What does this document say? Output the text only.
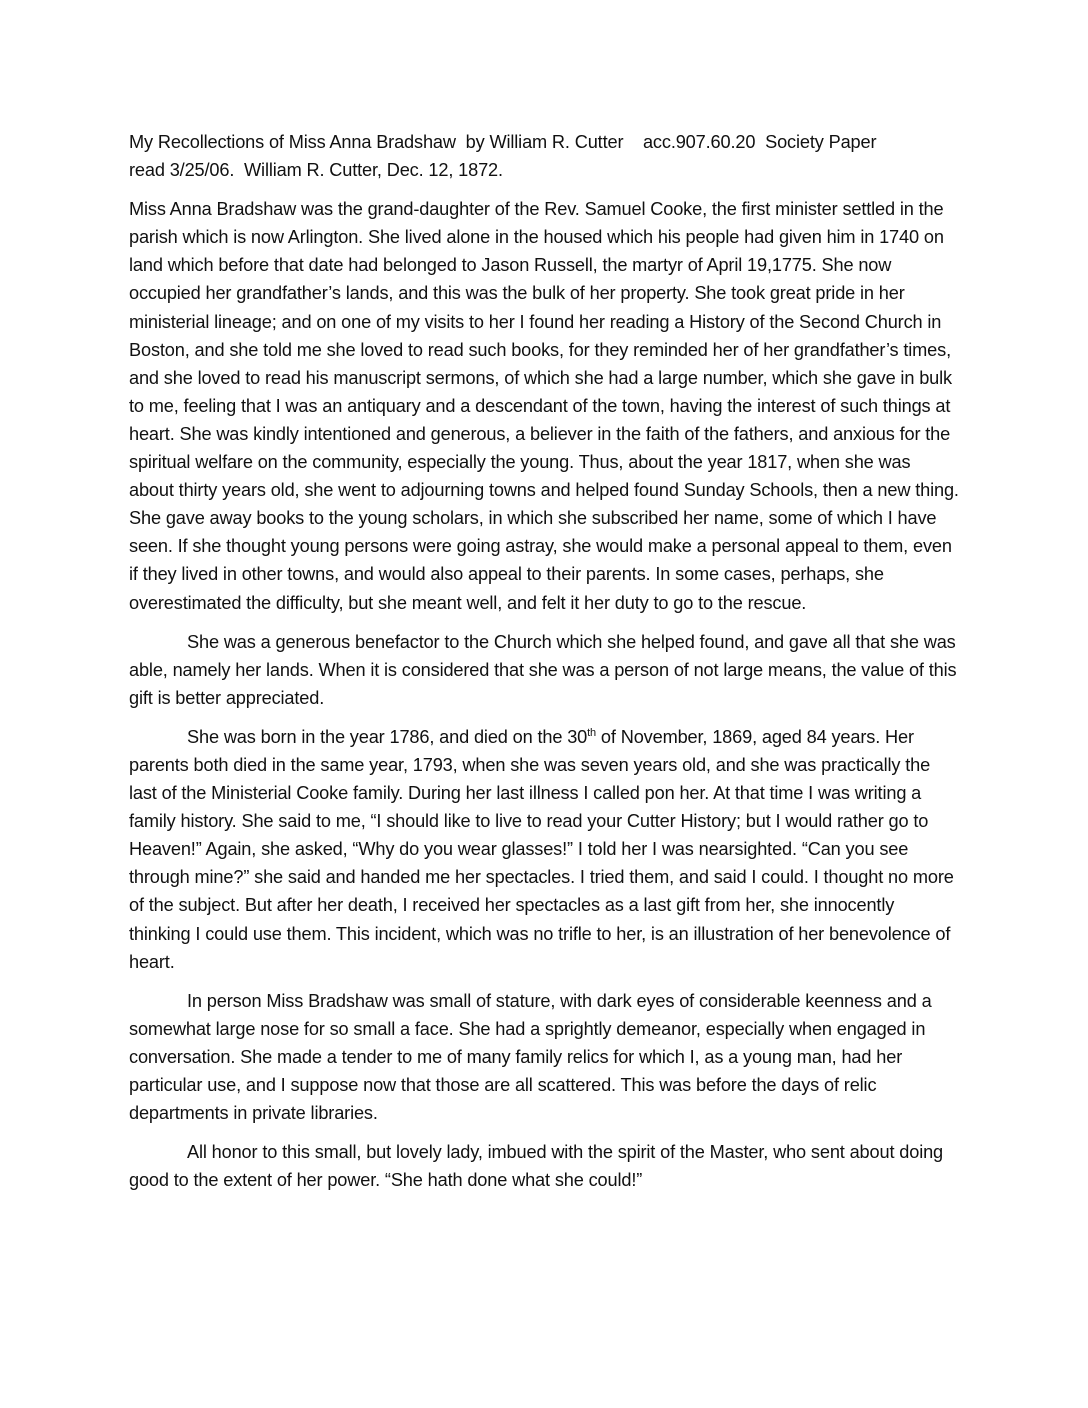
My Recollections of Miss Anna Bradshaw  by William R. Cutter    acc.907.60.20  Society Paper
read 3/25/06.  William R. Cutter, Dec. 12, 1872.

Miss Anna Bradshaw was the grand-daughter of the Rev. Samuel Cooke, the first minister settled in the parish which is now Arlington. She lived alone in the housed which his people had given him in 1740 on land which before that date had belonged to Jason Russell, the martyr of April 19,1775. She now occupied her grandfather’s lands, and this was the bulk of her property. She took great pride in her ministerial lineage; and on one of my visits to her I found her reading a History of the Second Church in Boston, and she told me she loved to read such books, for they reminded her of her grandfather’s times, and she loved to read his manuscript sermons, of which she had a large number, which she gave in bulk to me, feeling that I was an antiquary and a descendant of the town, having the interest of such things at heart. She was kindly intentioned and generous, a believer in the faith of the fathers, and anxious for the spiritual welfare on the community, especially the young. Thus, about the year 1817, when she was about thirty years old, she went to adjourning towns and helped found Sunday Schools, then a new thing. She gave away books to the young scholars, in which she subscribed her name, some of which I have seen. If she thought young persons were going astray, she would make a personal appeal to them, even if they lived in other towns, and would also appeal to their parents. In some cases, perhaps, she overestimated the difficulty, but she meant well, and felt it her duty to go to the rescue.

She was a generous benefactor to the Church which she helped found, and gave all that she was able, namely her lands. When it is considered that she was a person of not large means, the value of this gift is better appreciated.

She was born in the year 1786, and died on the 30th of November, 1869, aged 84 years. Her parents both died in the same year, 1793, when she was seven years old, and she was practically the last of the Ministerial Cooke family. During her last illness I called pon her. At that time I was writing a family history. She said to me, “I should like to live to read your Cutter History; but I would rather go to Heaven!” Again, she asked, “Why do you wear glasses!” I told her I was nearsighted. “Can you see through mine?” she said and handed me her spectacles. I tried them, and said I could. I thought no more of the subject. But after her death, I received her spectacles as a last gift from her, she innocently thinking I could use them. This incident, which was no trifle to her, is an illustration of her benevolence of heart.

In person Miss Bradshaw was small of stature, with dark eyes of considerable keenness and a somewhat large nose for so small a face. She had a sprightly demeanor, especially when engaged in conversation. She made a tender to me of many family relics for which I, as a young man, had her particular use, and I suppose now that those are all scattered. This was before the days of relic departments in private libraries.

All honor to this small, but lovely lady, imbued with the spirit of the Master, who sent about doing good to the extent of her power. “She hath done what she could!”
